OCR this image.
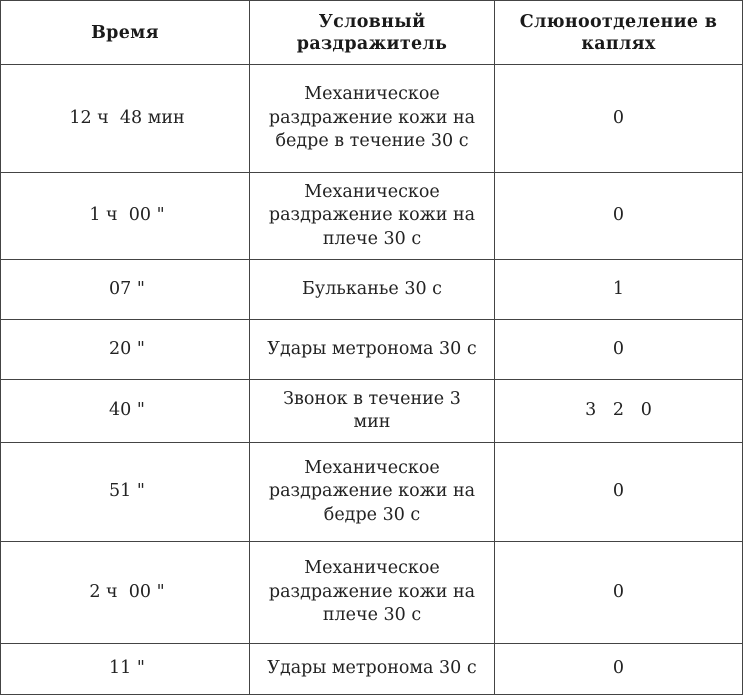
Время	Условный раздражитель	Слюноотделение в каплях
12 ч  48 мин	Механическое раздражение кожи на бедре в течение 30 с	0
1 ч  00 "	Механическое раздражение кожи на плече 30 с	0
07 "	Бульканье 30 с	1
20 "	Удары метронома 30 с	0
40 "	Звонок в течение 3 мин	3   2   0
51 "	Механическое раздражение кожи на бедре 30 с	0
2 ч  00 "	Механическое раздражение кожи на плече 30 с	0
11 "	Удары метронома 30 с	0
